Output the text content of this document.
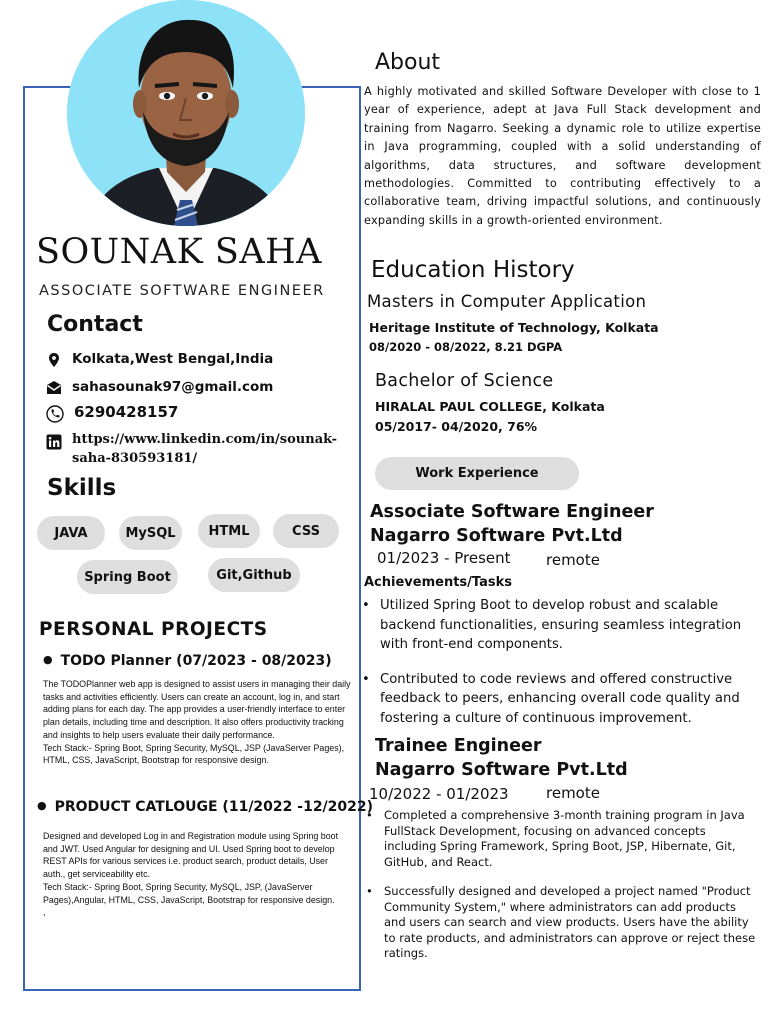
SOUNAK SAHA
ASSOCIATE SOFTWARE ENGINEER
Contact
Kolkata,West Bengal,India
sahasounak97@gmail.com
6290428157
https://www.linkedin.com/in/sounak-saha-830593181/
Skills
JAVA	MySQL	HTML	CSS
Spring Boot	Git,Github
PERSONAL PROJECTS
● TODO Planner (07/2023 - 08/2023)
The TODOPlanner web app is designed to assist users in managing their daily tasks and activities efficiently. Users can create an account, log in, and start adding plans for each day. The app provides a user-friendly interface to enter plan details, including time and description. It also offers productivity tracking and insights to help users evaluate their daily performance.
Tech Stack:- Spring Boot, Spring Security, MySQL, JSP (JavaServer Pages), HTML, CSS, JavaScript, Bootstrap for responsive design.
● PRODUCT CATLOUGE (11/2022 -12/2022)
Designed and developed Log in and Registration module using Spring boot and JWT. Used Angular for designing and UI. Used Spring boot to develop REST APIs for various services i.e. product search, product details, User auth., get serviceability etc.
Tech Stack:- Spring Boot, Spring Security, MySQL, JSP, (JavaServer Pages),Angular, HTML, CSS, JavaScript, Bootstrap for responsive design.
,
About
A highly motivated and skilled Software Developer with close to 1 year of experience, adept at Java Full Stack development and training from Nagarro. Seeking a dynamic role to utilize expertise in Java programming, coupled with a solid understanding of algorithms, data structures, and software development methodologies. Committed to contributing effectively to a collaborative team, driving impactful solutions, and continuously expanding skills in a growth-oriented environment.
Education History
Masters in Computer Application
Heritage Institute of Technology, Kolkata
08/2020 - 08/2022, 8.21 DGPA
Bachelor of Science
HIRALAL PAUL COLLEGE, Kolkata
05/2017- 04/2020, 76%
Work Experience
Associate Software Engineer
Nagarro Software Pvt.Ltd
01/2023 - Present remote
Achievements/Tasks
• Utilized Spring Boot to develop robust and scalable backend functionalities, ensuring seamless integration with front-end components.
• Contributed to code reviews and offered constructive feedback to peers, enhancing overall code quality and fostering a culture of continuous improvement.
Trainee Engineer
Nagarro Software Pvt.Ltd
10/2022 - 01/2023 remote
• Completed a comprehensive 3-month training program in Java FullStack Development, focusing on advanced concepts including Spring Framework, Spring Boot, JSP, Hibernate, Git, GitHub, and React.
• Successfully designed and developed a project named "Product Community System," where administrators can add products and users can search and view products. Users have the ability to rate products, and administrators can approve or reject these ratings.
